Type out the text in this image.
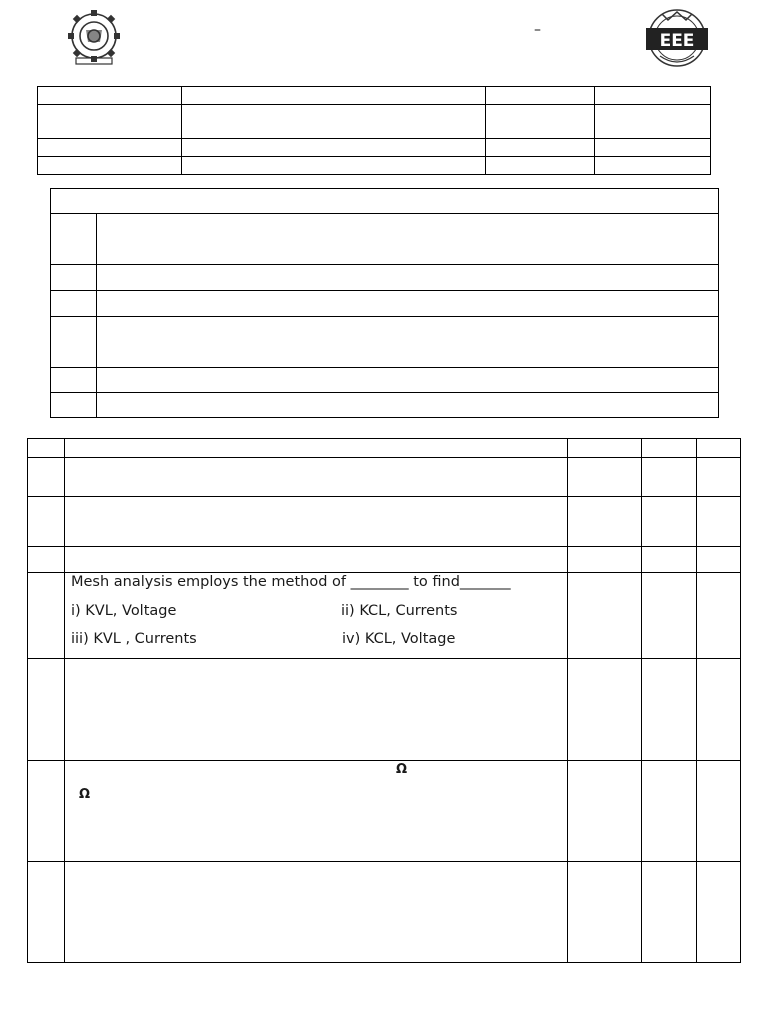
–
EEE

Mesh analysis employs the method of ________ to find_______
i) KVL, Voltage	ii) KCL, Currents
iii) KVL , Currents	iv) KCL, Voltage
Ω
Ω
